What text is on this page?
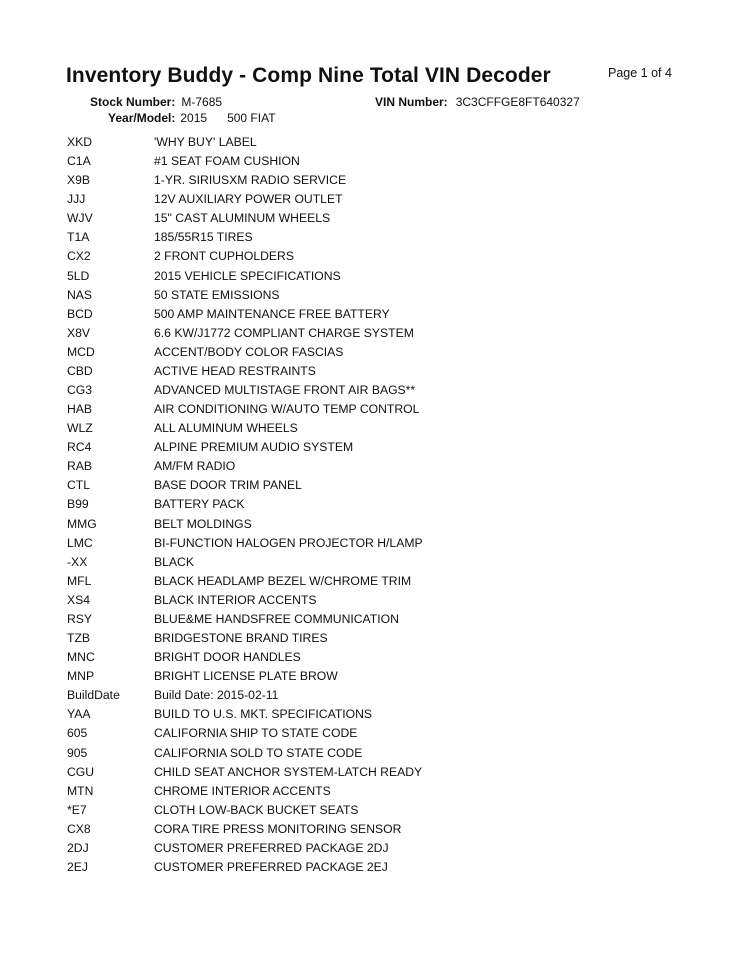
Inventory Buddy - Comp Nine Total VIN Decoder	Page 1 of 4
Stock Number: M-7685	VIN Number: 3C3CFFGE8FT640327
Year/Model: 2015 500 FIAT
XKD	'WHY BUY' LABEL
C1A	#1 SEAT FOAM CUSHION
X9B	1-YR. SIRIUSXM RADIO SERVICE
JJJ	12V AUXILIARY POWER OUTLET
WJV	15" CAST ALUMINUM WHEELS
T1A	185/55R15 TIRES
CX2	2 FRONT CUPHOLDERS
5LD	2015 VEHICLE SPECIFICATIONS
NAS	50 STATE EMISSIONS
BCD	500 AMP MAINTENANCE FREE BATTERY
X8V	6.6 KW/J1772 COMPLIANT CHARGE SYSTEM
MCD	ACCENT/BODY COLOR FASCIAS
CBD	ACTIVE HEAD RESTRAINTS
CG3	ADVANCED MULTISTAGE FRONT AIR BAGS**
HAB	AIR CONDITIONING W/AUTO TEMP CONTROL
WLZ	ALL ALUMINUM WHEELS
RC4	ALPINE PREMIUM AUDIO SYSTEM
RAB	AM/FM RADIO
CTL	BASE DOOR TRIM PANEL
B99	BATTERY PACK
MMG	BELT MOLDINGS
LMC	BI-FUNCTION HALOGEN PROJECTOR H/LAMP
-XX	BLACK
MFL	BLACK HEADLAMP BEZEL W/CHROME TRIM
XS4	BLACK INTERIOR ACCENTS
RSY	BLUE&ME HANDSFREE COMMUNICATION
TZB	BRIDGESTONE BRAND TIRES
MNC	BRIGHT DOOR HANDLES
MNP	BRIGHT LICENSE PLATE BROW
BuildDate	Build Date: 2015-02-11
YAA	BUILD TO U.S. MKT. SPECIFICATIONS
605	CALIFORNIA SHIP TO STATE CODE
905	CALIFORNIA SOLD TO STATE CODE
CGU	CHILD SEAT ANCHOR SYSTEM-LATCH READY
MTN	CHROME INTERIOR ACCENTS
*E7	CLOTH LOW-BACK BUCKET SEATS
CX8	CORA TIRE PRESS MONITORING SENSOR
2DJ	CUSTOMER PREFERRED PACKAGE 2DJ
2EJ	CUSTOMER PREFERRED PACKAGE 2EJ
